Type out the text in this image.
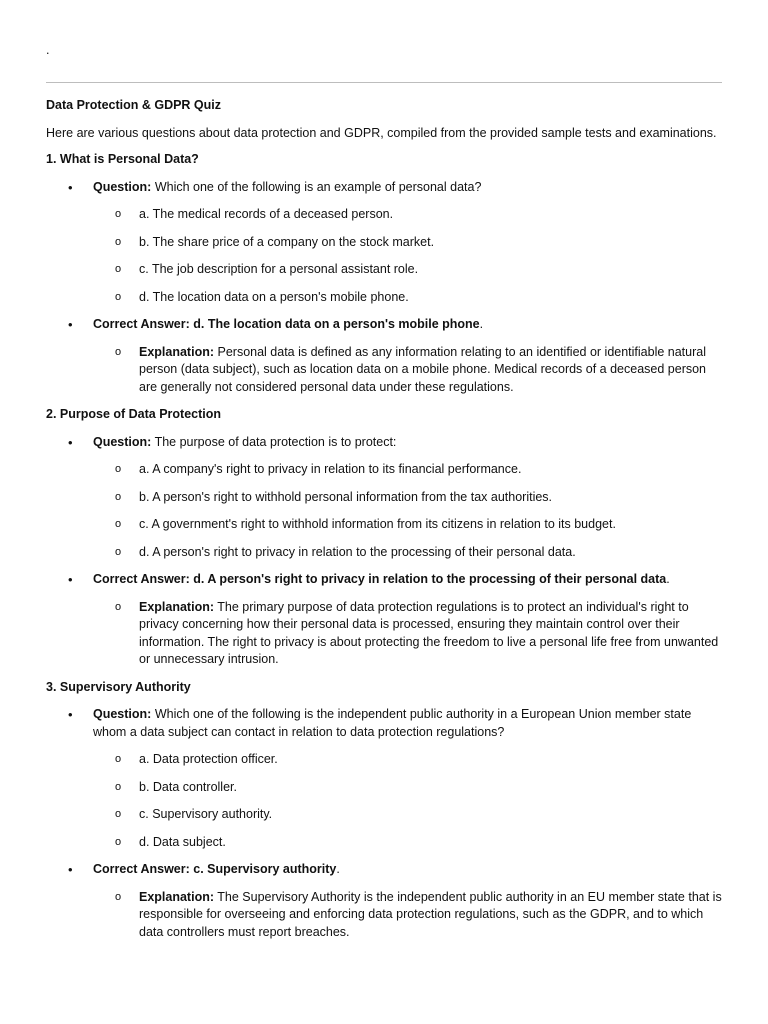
.

Data Protection & GDPR Quiz

Here are various questions about data protection and GDPR, compiled from the provided sample tests and examinations.

1. What is Personal Data?

• Question: Which one of the following is an example of personal data?

o a. The medical records of a deceased person.

o b. The share price of a company on the stock market.

o c. The job description for a personal assistant role.

o d. The location data on a person's mobile phone.

• Correct Answer: d. The location data on a person's mobile phone.

o Explanation: Personal data is defined as any information relating to an identified or identifiable natural person (data subject), such as location data on a mobile phone. Medical records of a deceased person are generally not considered personal data under these regulations.

2. Purpose of Data Protection

• Question: The purpose of data protection is to protect:

o a. A company's right to privacy in relation to its financial performance.

o b. A person's right to withhold personal information from the tax authorities.

o c. A government's right to withhold information from its citizens in relation to its budget.

o d. A person's right to privacy in relation to the processing of their personal data.

• Correct Answer: d. A person's right to privacy in relation to the processing of their personal data.

o Explanation: The primary purpose of data protection regulations is to protect an individual's right to privacy concerning how their personal data is processed, ensuring they maintain control over their information. The right to privacy is about protecting the freedom to live a personal life free from unwanted or unnecessary intrusion.

3. Supervisory Authority

• Question: Which one of the following is the independent public authority in a European Union member state whom a data subject can contact in relation to data protection regulations?

o a. Data protection officer.

o b. Data controller.

o c. Supervisory authority.

o d. Data subject.

• Correct Answer: c. Supervisory authority.

o Explanation: The Supervisory Authority is the independent public authority in an EU member state that is responsible for overseeing and enforcing data protection regulations, such as the GDPR, and to which data controllers must report breaches.
